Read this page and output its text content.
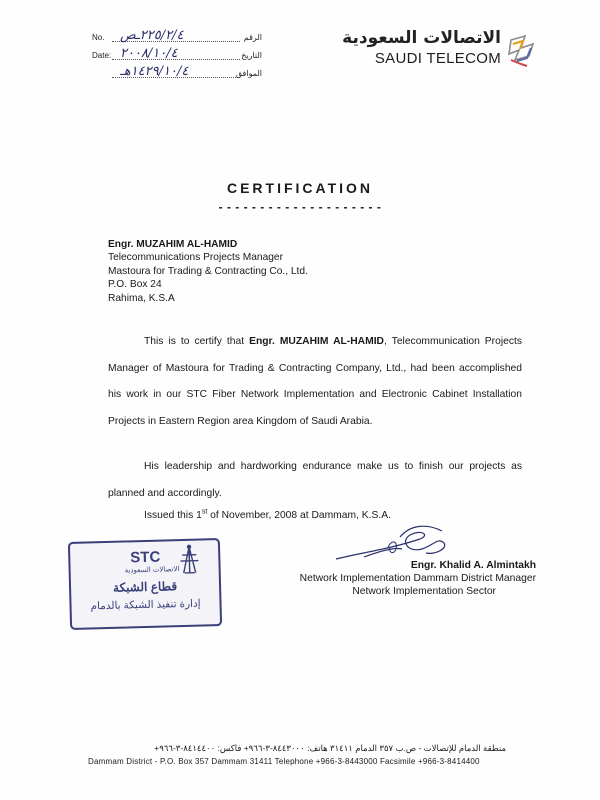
No. ٢٢٥/٢/٤ـص	الرقم
Date: ٢٠٠٨/١٠/٤	التاريخ
١٤٢٩/١٠/٤هـ	الموافق
الاتصالات السعودية
SAUDI TELECOM
CERTIFICATION
- - - - - - - - - - - - - - - - - - - -
Engr. MUZAHIM AL-HAMID
Telecommunications Projects Manager
Mastoura for Trading & Contracting Co., Ltd.
P.O. Box 24
Rahima, K.S.A
This is to certify that Engr. MUZAHIM AL-HAMID, Telecommunication Projects Manager of Mastoura for Trading & Contracting Company, Ltd., had been accomplished his work in our STC Fiber Network Implementation and Electronic Cabinet Installation Projects in Eastern Region area Kingdom of Saudi Arabia.
His leadership and hardworking endurance make us to finish our projects as planned and accordingly.
Issued this 1st of November, 2008 at Dammam, K.S.A.
Engr. Khalid A. Almintakh
Network Implementation Dammam District Manager
Network Implementation Sector
STC
الاتصالات السعودية
قطاع الشبكة
إدارة تنفيذ الشبكة بالدمام
منطقة الدمام للإتصالات - ص.ب ٣٥٧ الدمام ٣١٤١١ هاتف: ٨٤٤٣٠٠٠-٣-٩٦٦+ فاكس: ٨٤١٤٤٠٠-٣-٩٦٦+
Dammam District - P.O. Box 357 Dammam 31411 Telephone +966-3-8443000 Facsimile +966-3-8414400
